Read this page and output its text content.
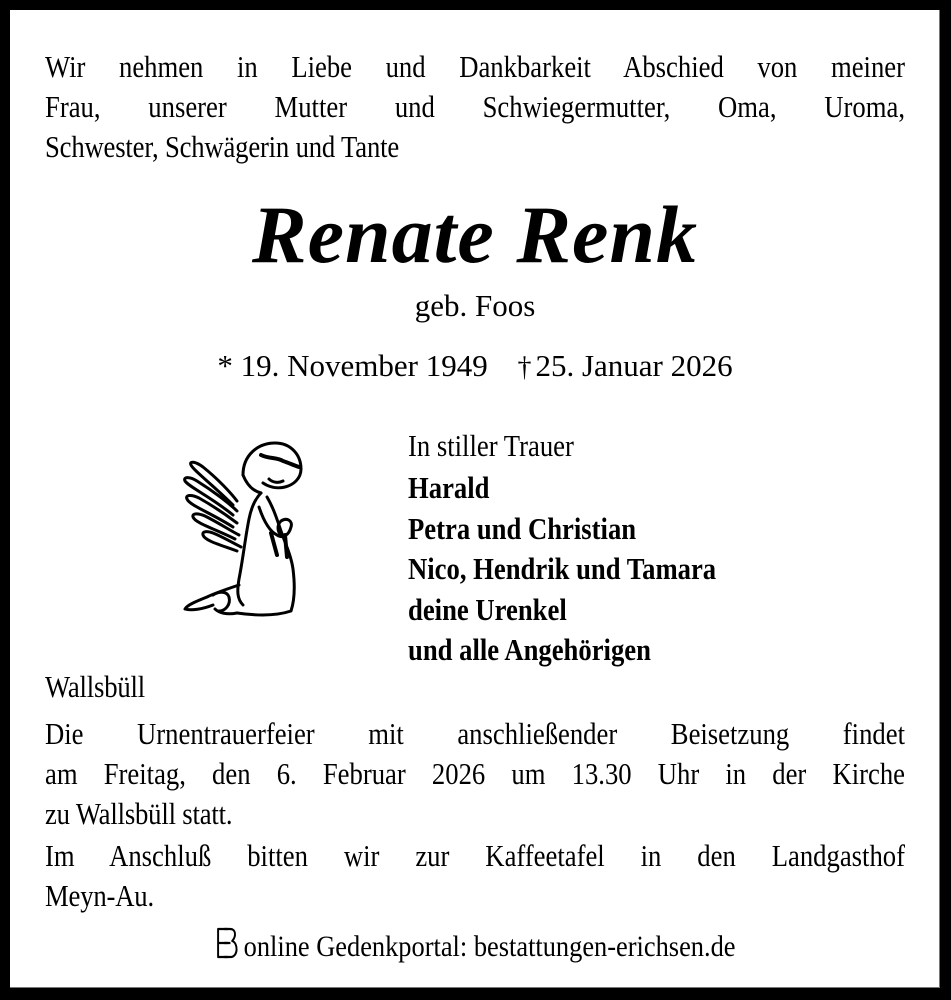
Wir nehmen in Liebe und Dankbarkeit Abschied von meiner
Frau, unserer Mutter und Schwiegermutter, Oma, Uroma,
Schwester, Schwägerin und Tante
Renate Renk
geb. Foos
* 19. November 1949 † 25. Januar 2026
In stiller Trauer
Harald
Petra und Christian
Nico, Hendrik und Tamara
deine Urenkel
und alle Angehörigen
Wallsbüll
Die Urnentrauerfeier mit anschließender Beisetzung findet
am Freitag, den 6. Februar 2026 um 13.30 Uhr in der Kirche
zu Wallsbüll statt.
Im Anschluß bitten wir zur Kaffeetafel in den Landgasthof
Meyn-Au.
online Gedenkportal: bestattungen-erichsen.de
